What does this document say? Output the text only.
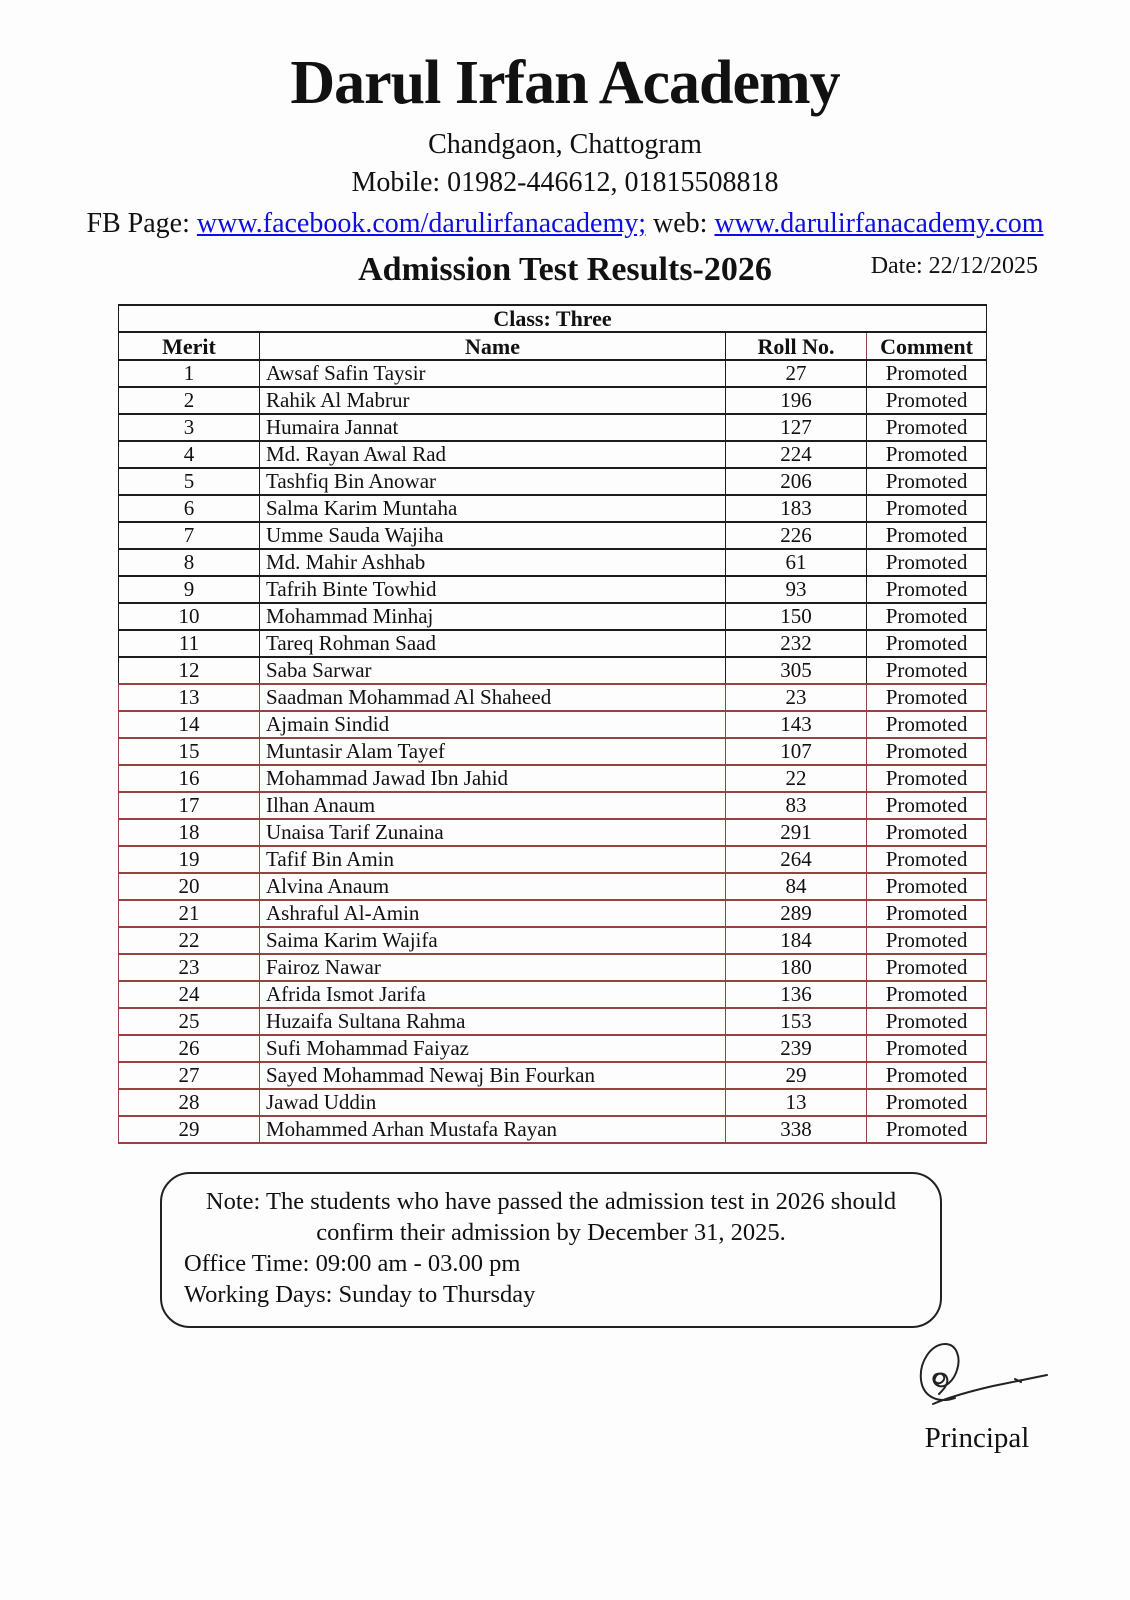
Darul Irfan Academy
Chandgaon, Chattogram
Mobile: 01982-446612, 01815508818
FB Page: www.facebook.com/darulirfanacademy; web: www.darulirfanacademy.com
Admission Test Results-2026	Date: 22/12/2025
Class: Three			
Merit	Name	Roll No.	Comment
1	Awsaf Safin Taysir	27	Promoted
2	Rahik Al Mabrur	196	Promoted
3	Humaira Jannat	127	Promoted
4	Md. Rayan Awal Rad	224	Promoted
5	Tashfiq Bin Anowar	206	Promoted
6	Salma Karim Muntaha	183	Promoted
7	Umme Sauda Wajiha	226	Promoted
8	Md. Mahir Ashhab	61	Promoted
9	Tafrih Binte Towhid	93	Promoted
10	Mohammad Minhaj	150	Promoted
11	Tareq Rohman Saad	232	Promoted
12	Saba Sarwar	305	Promoted
13	Saadman Mohammad Al Shaheed	23	Promoted
14	Ajmain Sindid	143	Promoted
15	Muntasir Alam Tayef	107	Promoted
16	Mohammad Jawad Ibn Jahid	22	Promoted
17	Ilhan Anaum	83	Promoted
18	Unaisa Tarif Zunaina	291	Promoted
19	Tafif Bin Amin	264	Promoted
20	Alvina Anaum	84	Promoted
21	Ashraful Al-Amin	289	Promoted
22	Saima Karim Wajifa	184	Promoted
23	Fairoz Nawar	180	Promoted
24	Afrida Ismot Jarifa	136	Promoted
25	Huzaifa Sultana Rahma	153	Promoted
26	Sufi Mohammad Faiyaz	239	Promoted
27	Sayed Mohammad Newaj Bin Fourkan	29	Promoted
28	Jawad Uddin	13	Promoted
29	Mohammed Arhan Mustafa Rayan	338	Promoted

Note: The students who have passed the admission test in 2026 should

confirm their admission by December 31, 2025.

Office Time: 09:00 am - 03.00 pm

Working Days: Sunday to Thursday

Principal
